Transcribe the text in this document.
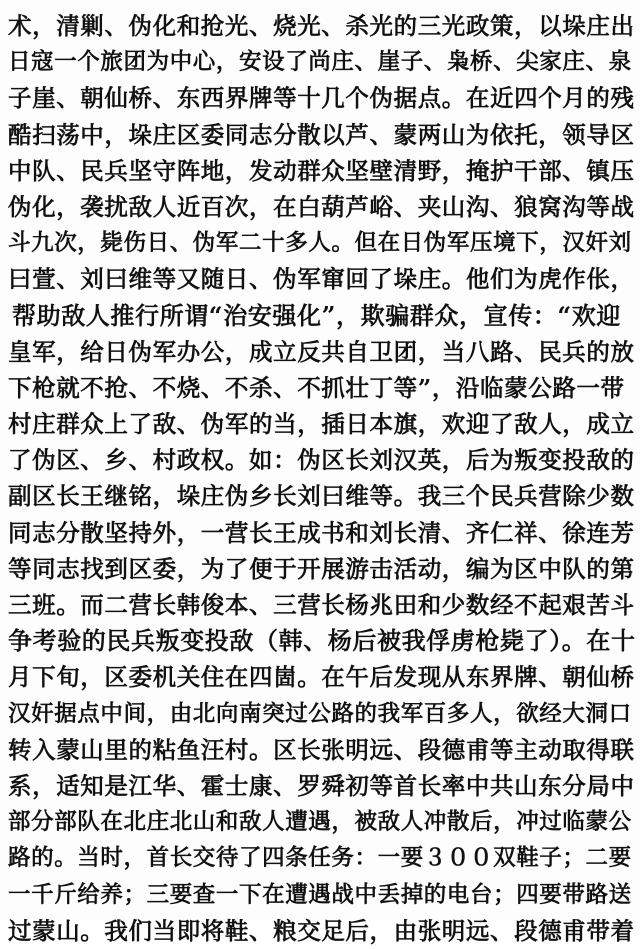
术，清剿、伪化和抢光、烧光、杀光的三光政策，以垛庄出
日寇一个旅团为中心，安设了尚庄、崖子、枭桥、尖家庄、泉
子崖、朝仙桥、东西界牌等十几个伪据点。在近四个月的残
酷扫荡中，垛庄区委同志分散以芦、蒙两山为依托，领导区
中队、民兵坚守阵地，发动群众坚壁清野，掩护干部、镇压
伪化，袭扰敌人近百次，在白葫芦峪、夹山沟、狼窝沟等战
斗九次，毙伤日、伪军二十多人。但在日伪军压境下，汉奸刘
曰萱、刘曰维等又随日、伪军窜回了垛庄。他们为虎作伥，
帮助敌人推行所谓“治安强化”，欺骗群众，宣传：“欢迎
皇军，给日伪军办公，成立反共自卫团，当八路、民兵的放
下枪就不抢、不烧、不杀、不抓壮丁等”，沿临蒙公路一带
村庄群众上了敌、伪军的当，插日本旗，欢迎了敌人，成立
了伪区、乡、村政权。如：伪区长刘汉英，后为叛变投敌的
副区长王继铭，垛庄伪乡长刘曰维等。我三个民兵营除少数
同志分散坚持外，一营长王成书和刘长清、齐仁祥、徐连芳
等同志找到区委，为了便于开展游击活动，编为区中队的第
三班。而二营长韩俊本、三营长杨兆田和少数经不起艰苦斗
争考验的民兵叛变投敌（韩、杨后被我俘虏枪毙了）。在十
月下旬，区委机关住在四崮。在午后发现从东界牌、朝仙桥
汉奸据点中间，由北向南突过公路的我军百多人，欲经大洞口
转入蒙山里的粘鱼汪村。区长张明远、段德甫等主动取得联
系，适知是江华、霍士康、罗舜初等首长率中共山东分局中
部分部队在北庄北山和敌人遭遇，被敌人冲散后，冲过临蒙公
路的。当时，首长交待了四条任务：一要３００双鞋子；二要
一千斤给养；三要查一下在遭遇战中丢掉的电台；四要带路送
过蒙山。我们当即将鞋、粮交足后，由张明远、段德甫带着
